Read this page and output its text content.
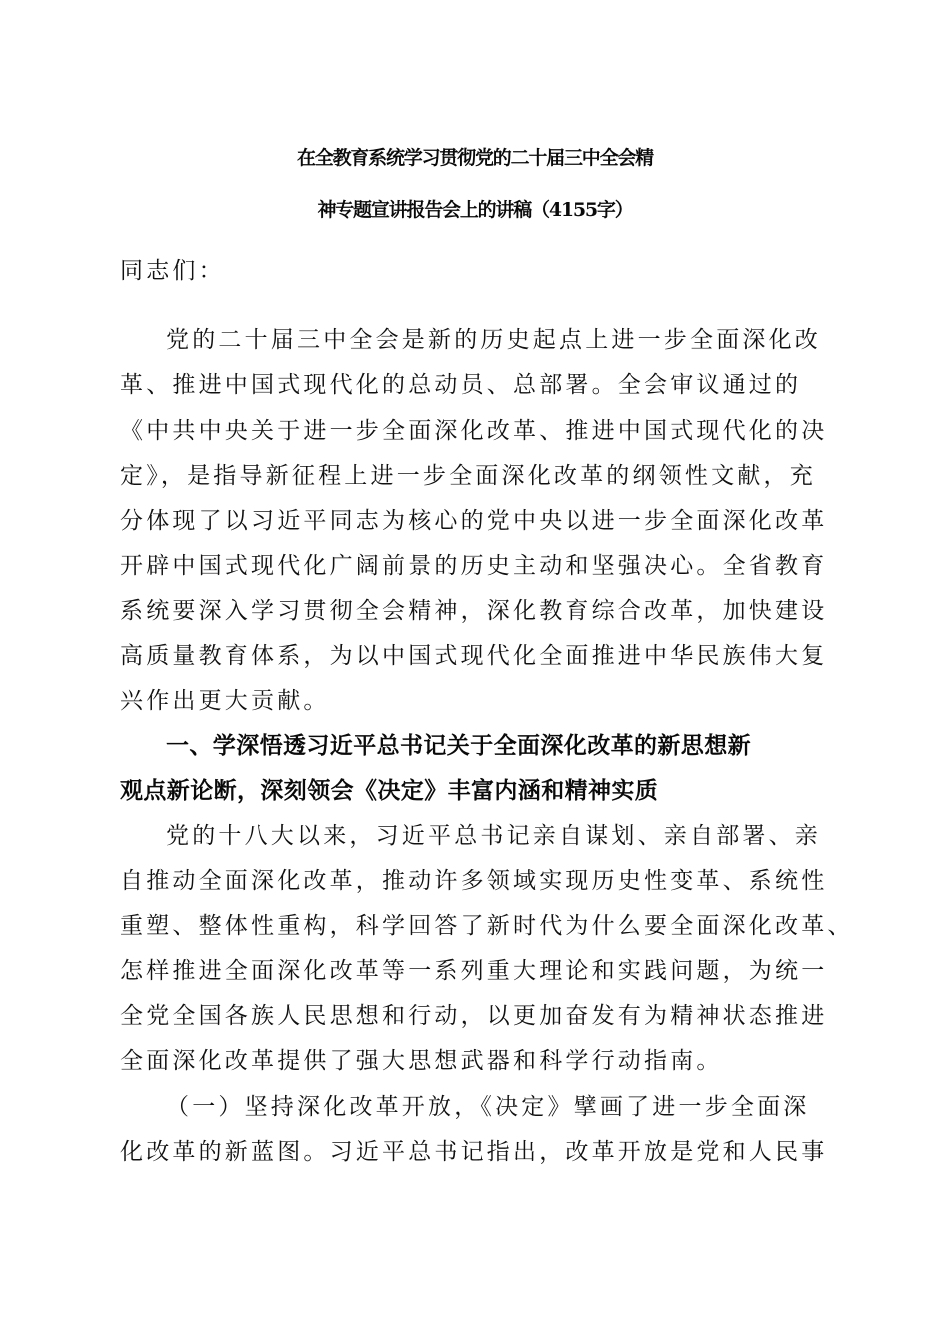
在全教育系统学习贯彻党的二十届三中全会精
神专题宣讲报告会上的讲稿（4155字）
同志们：
党的二十届三中全会是新的历史起点上进一步全面深化改
革、推进中国式现代化的总动员、总部署。全会审议通过的
《中共中央关于进一步全面深化改革、推进中国式现代化的决
定》，是指导新征程上进一步全面深化改革的纲领性文献，充
分体现了以习近平同志为核心的党中央以进一步全面深化改革
开辟中国式现代化广阔前景的历史主动和坚强决心。全省教育
系统要深入学习贯彻全会精神，深化教育综合改革，加快建设
高质量教育体系，为以中国式现代化全面推进中华民族伟大复
兴作出更大贡献。
一、学深悟透习近平总书记关于全面深化改革的新思想新
观点新论断，深刻领会《决定》丰富内涵和精神实质
党的十八大以来，习近平总书记亲自谋划、亲自部署、亲
自推动全面深化改革，推动许多领域实现历史性变革、系统性
重塑、整体性重构，科学回答了新时代为什么要全面深化改革、
怎样推进全面深化改革等一系列重大理论和实践问题，为统一
全党全国各族人民思想和行动，以更加奋发有为精神状态推进
全面深化改革提供了强大思想武器和科学行动指南。
（一）坚持深化改革开放，《决定》擘画了进一步全面深
化改革的新蓝图。习近平总书记指出，改革开放是党和人民事
